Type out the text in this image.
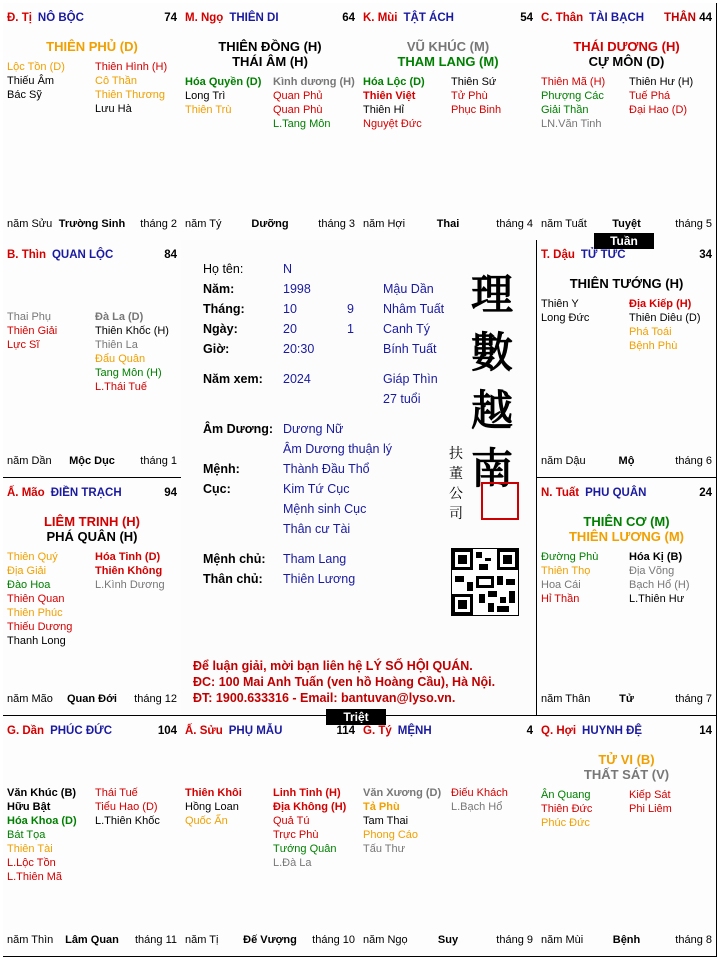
Đ. Tị NÔ BỘC	74
THIÊN PHỦ (D)
Lộc Tồn (D)
Thiếu Âm
Bác Sỹ
Thiên Hình (H)
Cô Thần
Thiên Thương
Lưu Hà
năm Sửu Trường Sinh	tháng 2
M. Ngọ THIÊN DI	64
THIÊN ĐỒNG (H)
THÁI ÂM (H)
Hóa Quyền (D)
Long Trì
Thiên Trù
Kình dương (H)
Quan Phủ
Quan Phù
L.Tang Môn
năm Tý	Dưỡng	tháng 3
K. Mùi TẬT ÁCH	54
VŨ KHÚC (M)
THAM LANG (M)
Hóa Lộc (D)
Thiên Việt
Thiên Hỉ
Nguyệt Đức
Thiên Sứ
Tử Phù
Phục Binh
năm Hợi	Thai	tháng 4
C. Thân TÀI BẠCH THÂN 44
THÁI DƯƠNG (H)
CỰ MÔN (D)
Thiên Mã (H)
Phượng Các
Giải Thần
LN.Văn Tinh
Thiên Hư (H)
Tuế Phá
Đại Hao (D)
năm Tuất	Tuyệt	tháng 5
B. Thìn QUAN LỘC	84
Thai Phụ
Thiên Giải
Lực Sĩ
Đà La (D)
Thiên Khốc (H)
Thiên La
Đẩu Quân
Tang Môn (H)
L.Thái Tuế
năm Dần	Mộc Dục	tháng 1
T. Dậu TỬ TỨC	34
THIÊN TƯỚNG (H)
Thiên Y
Long Đức
Địa Kiếp (H)
Thiên Diêu (D)
Phá Toái
Bệnh Phù
năm Dậu	Mộ	tháng 6
Ấ. Mão ĐIỀN TRẠCH	94
LIÊM TRINH (H)
PHÁ QUÂN (H)
Thiên Quý
Địa Giải
Đào Hoa
Thiên Quan
Thiên Phúc
Thiếu Dương
Thanh Long
Hóa Tinh (D)
Thiên Không
L.Kình Dương
năm Mão	Quan Đới	tháng 12
N. Tuất PHU QUÂN	24
THIÊN CƠ (M)
THIÊN LƯƠNG (M)
Đường Phù
Thiên Thọ
Hoa Cái
Hỉ Thần
Hóa Kị (B)
Địa Võng
Bạch Hổ (H)
L.Thiên Hư
năm Thân	Tử	tháng 7
G. Dần PHÚC ĐỨC	104
Văn Khúc (B)
Hữu Bật
Hóa Khoa (D)
Bát Tọa
Thiên Tài
L.Lộc Tồn
L.Thiên Mã
Thái Tuế
Tiểu Hao (D)
L.Thiên Khốc
năm Thìn	Lâm Quan	tháng 11
Ấ. Sửu PHỤ MẪU	114
Thiên Khôi
Hồng Loan
Quốc Ấn
Linh Tinh (H)
Địa Không (H)
Quả Tú
Trực Phù
Tướng Quân
L.Đà La
năm Tị	Đế Vượng	tháng 10
G. Tý MỆNH	4
Văn Xương (D)
Tả Phù
Tam Thai
Phong Cáo
Tấu Thư
Điếu Khách
L.Bạch Hổ
năm Ngọ	Suy	tháng 9
Q. Hợi HUYNH ĐỆ	14
TỬ VI (B)
THẤT SÁT (V)
Ân Quang
Thiên Đức
Phúc Đức
Kiếp Sát
Phi Liêm
năm Mùi	Bệnh	tháng 8
Họ tên:	N
Năm:	1998	Mậu Dần
Tháng:	10	9 Nhâm Tuất
Ngày:	20	1 Canh Tý
Giờ:	20:30	Bính Tuất
Năm xem: 2024	Giáp Thìn
27 tuổi
Âm Dương: Dương Nữ
Âm Dương thuận lý
Mệnh:	Thành Đầu Thổ
Cục:	Kim Tứ Cục
Mệnh sinh Cục
Thân cư Tài
Mệnh chủ: Tham Lang
Thân chủ: Thiên Lương
理
數
越
南
扶
董
公
司
Để luận giải, mời bạn liên hệ LÝ SỐ HỘI QUÁN.
ĐC: 100 Mai Anh Tuấn (ven hồ Hoàng Cầu), Hà Nội.
ĐT: 1900.633316 - Email: bantuvan@lyso.vn.
Tuần
Triệt
